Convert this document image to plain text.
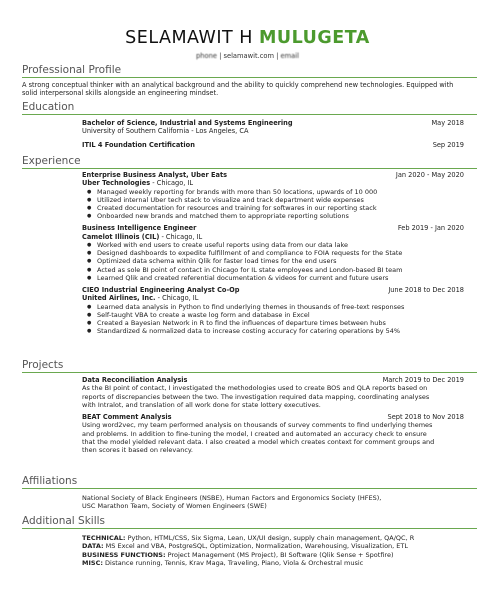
SELAMAWIT H MULUGETA
phone | selamawit.com | email
Professional Profile
A strong conceptual thinker with an analytical background and the ability to quickly comprehend new technologies. Equipped with solid interpersonal skills alongside an engineering mindset.
Education
Bachelor of Science, Industrial and Systems Engineering	May 2018
University of Southern California - Los Angeles, CA
ITIL 4 Foundation Certification	Sep 2019
Experience
Enterprise Business Analyst, Uber Eats	Jan 2020 - May 2020
Uber Technologies - Chicago, IL
● Managed weekly reporting for brands with more than 50 locations, upwards of 10 000
● Utilized internal Uber tech stack to visualize and track department wide expenses
● Created documentation for resources and training for softwares in our reporting stack
● Onboarded new brands and matched them to appropriate reporting solutions
Business Intelligence Engineer	Feb 2019 - Jan 2020
Camelot Illinois (CIL) - Chicago, IL
● Worked with end users to create useful reports using data from our data lake
● Designed dashboards to expedite fulfillment of and compliance to FOIA requests for the State
● Optimized data schema within Qlik for faster load times for the end users
● Acted as sole BI point of contact in Chicago for IL state employees and London-based BI team
● Learned Qlik and created referential documentation & videos for current and future users
CIEO Industrial Engineering Analyst Co-Op	June 2018 to Dec 2018
United Airlines, Inc. - Chicago, IL
● Learned data analysis in Python to find underlying themes in thousands of free-text responses
● Self-taught VBA to create a waste log form and database in Excel
● Created a Bayesian Network in R to find the influences of departure times between hubs
● Standardized & normalized data to increase costing accuracy for catering operations by 54%
Projects
Data Reconciliation Analysis	March 2019 to Dec 2019
As the BI point of contact, I investigated the methodologies used to create BOS and QLA reports based on reports of discrepancies between the two. The investigation required data mapping, coordinating analyses with Intralot, and translation of all work done for state lottery executives.
BEAT Comment Analysis	Sept 2018 to Nov 2018
Using word2vec, my team performed analysis on thousands of survey comments to find underlying themes and problems. In addition to fine-tuning the model, I created and automated an accuracy check to ensure that the model yielded relevant data. I also created a model which creates context for comment groups and then scores it based on relevancy.
Affiliations
National Society of Black Engineers (NSBE), Human Factors and Ergonomics Society (HFES),
USC Marathon Team, Society of Women Engineers (SWE)
Additional Skills
TECHNICAL: Python, HTML/CSS, Six Sigma, Lean, UX/UI design, supply chain management, QA/QC, R
DATA: MS Excel and VBA, PostgreSQL, Optimization, Normalization, Warehousing, Visualization, ETL
BUSINESS FUNCTIONS: Project Management (MS Project), BI Software (Qlik Sense + Spotfire)
MISC: Distance running, Tennis, Krav Maga, Traveling, Piano, Viola & Orchestral music
